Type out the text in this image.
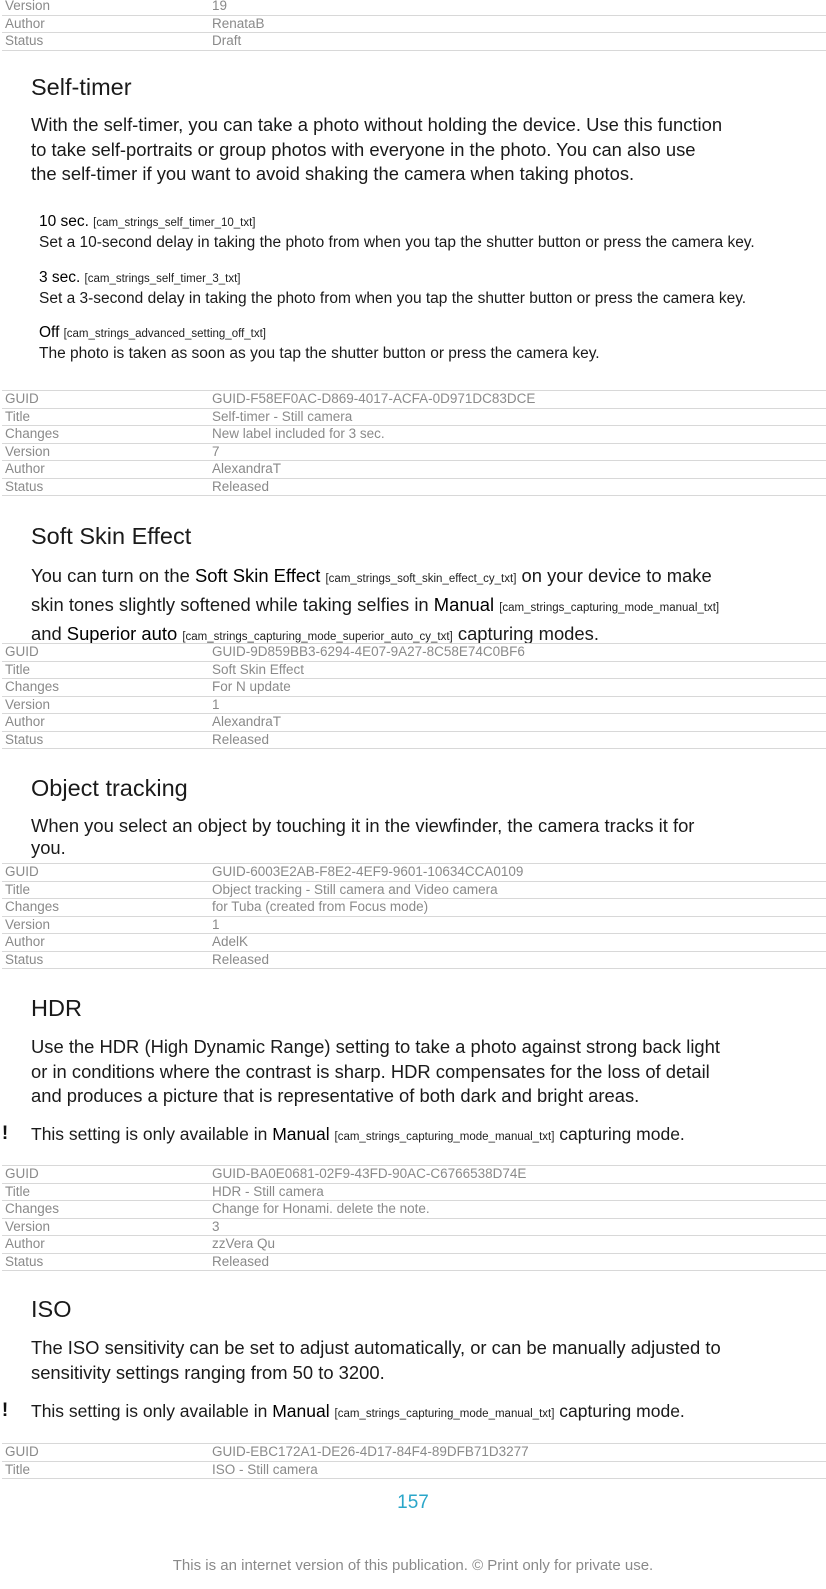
Version	19
Author	RenataB
Status	Draft
Self-timer
With the self-timer, you can take a photo without holding the device. Use this function
to take self-portraits or group photos with everyone in the photo. You can also use
the self-timer if you want to avoid shaking the camera when taking photos.
10 sec. [cam_strings_self_timer_10_txt]
Set a 10-second delay in taking the photo from when you tap the shutter button or press the camera key.
3 sec. [cam_strings_self_timer_3_txt]
Set a 3-second delay in taking the photo from when you tap the shutter button or press the camera key.
Off [cam_strings_advanced_setting_off_txt]
The photo is taken as soon as you tap the shutter button or press the camera key.
GUID	GUID-F58EF0AC-D869-4017-ACFA-0D971DC83DCE
Title	Self-timer - Still camera
Changes	New label included for 3 sec.
Version	7
Author	AlexandraT
Status	Released
Soft Skin Effect
You can turn on the Soft Skin Effect [cam_strings_soft_skin_effect_cy_txt] on your device to make
skin tones slightly softened while taking selfies in Manual [cam_strings_capturing_mode_manual_txt]
and Superior auto [cam_strings_capturing_mode_superior_auto_cy_txt] capturing modes.
GUID	GUID-9D859BB3-6294-4E07-9A27-8C58E74C0BF6
Title	Soft Skin Effect
Changes	For N update
Version	1
Author	AlexandraT
Status	Released
Object tracking
When you select an object by touching it in the viewfinder, the camera tracks it for
you.
GUID	GUID-6003E2AB-F8E2-4EF9-9601-10634CCA0109
Title	Object tracking - Still camera and Video camera
Changes	for Tuba (created from Focus mode)
Version	1
Author	AdelK
Status	Released
HDR
Use the HDR (High Dynamic Range) setting to take a photo against strong back light
or in conditions where the contrast is sharp. HDR compensates for the loss of detail
and produces a picture that is representative of both dark and bright areas.
! This setting is only available in Manual [cam_strings_capturing_mode_manual_txt] capturing mode.
GUID	GUID-BA0E0681-02F9-43FD-90AC-C6766538D74E
Title	HDR - Still camera
Changes	Change for Honami. delete the note.
Version	3
Author	zzVera Qu
Status	Released
ISO
The ISO sensitivity can be set to adjust automatically, or can be manually adjusted to
sensitivity settings ranging from 50 to 3200.
! This setting is only available in Manual [cam_strings_capturing_mode_manual_txt] capturing mode.
GUID	GUID-EBC172A1-DE26-4D17-84F4-89DFB71D3277
Title	ISO - Still camera
157
This is an internet version of this publication. © Print only for private use.
